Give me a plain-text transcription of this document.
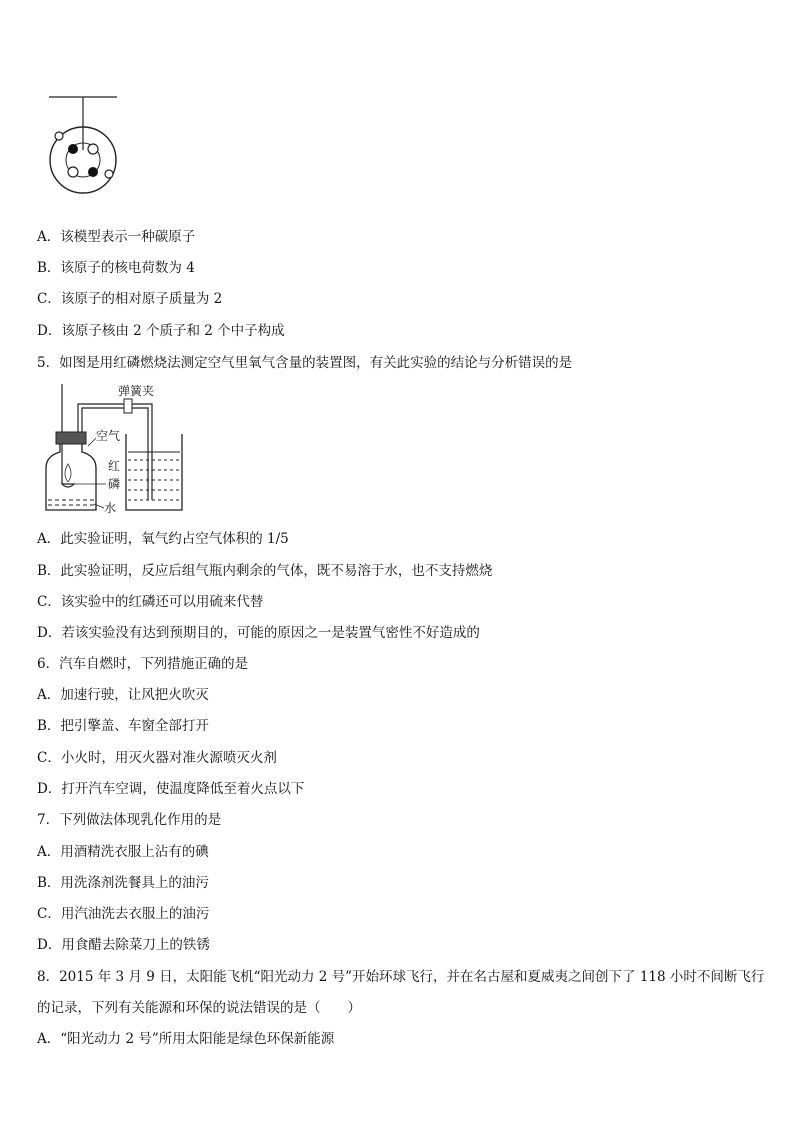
A．该模型表示一种碳原子
B．该原子的核电荷数为 4
C．该原子的相对原子质量为 2
D．该原子核由 2 个质子和 2 个中子构成
5．如图是用红磷燃烧法测定空气里氧气含量的装置图，有关此实验的结论与分析错误的是
弹簧夹
空气
红
磷
水
A．此实验证明，氧气约占空气体积的 1/5
B．此实验证明，反应后组气瓶内剩余的气体，既不易溶于水，也不支持燃烧
C．该实验中的红磷还可以用硫来代替
D．若该实验没有达到预期目的，可能的原因之一是装置气密性不好造成的
6．汽车自燃时，下列措施正确的是
A．加速行驶，让风把火吹灭
B．把引擎盖、车窗全部打开
C．小火时，用灭火器对准火源喷灭火剂
D．打开汽车空调，使温度降低至着火点以下
7．下列做法体现乳化作用的是
A．用酒精洗衣服上沾有的碘
B．用洗涤剂洗餐具上的油污
C．用汽油洗去衣服上的油污
D．用食醋去除菜刀上的铁锈
8．2015 年 3 月 9 日，太阳能飞机“阳光动力 2 号”开始环球飞行，并在名古屋和夏威夷之间创下了 118 小时不间断飞行
的记录，下列有关能源和环保的说法错误的是（　　）
A．“阳光动力 2 号”所用太阳能是绿色环保新能源
